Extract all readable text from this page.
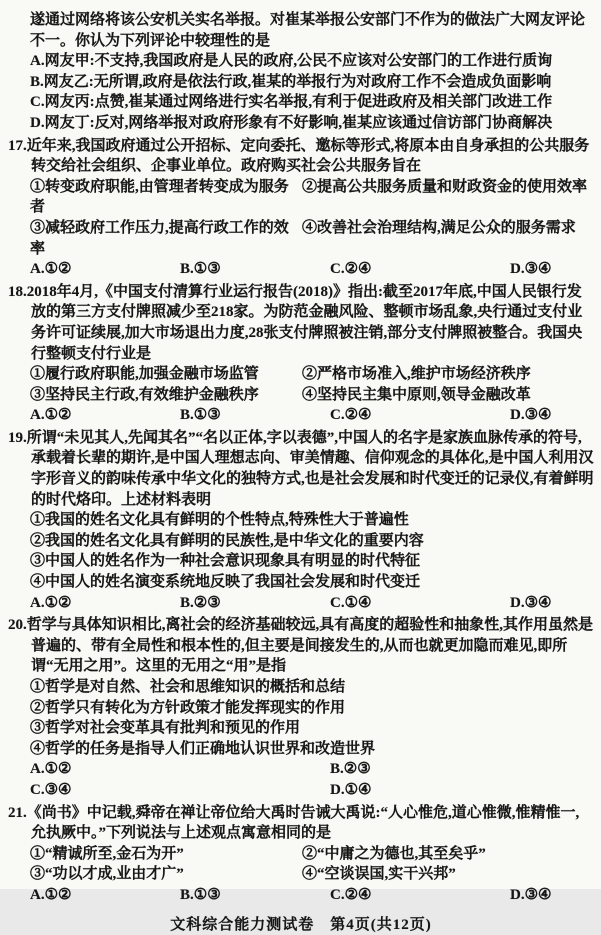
遂通过网络将该公安机关实名举报。对崔某举报公安部门不作为的做法广大网友评论不一。你认为下列评论中较理性的是

A.网友甲:不支持,我国政府是人民的政府,公民不应该对公安部门的工作进行质询
B.网友乙:无所谓,政府是依法行政,崔某的举报行为对政府工作不会造成负面影响
C.网友丙:点赞,崔某通过网络进行实名举报,有利于促进政府及相关部门改进工作
D.网友丁:反对,网络举报对政府形象有不好影响,崔某应该通过信访部门协商解决

17.近年来,我国政府通过公开招标、定向委托、邀标等形式,将原本由自身承担的公共服务转交给社会组织、企事业单位。政府购买社会公共服务旨在

①转变政府职能,由管理者转变成为服务者
②提高公共服务质量和财政资金的使用效率
③减轻政府工作压力,提高行政工作的效率
④改善社会治理结构,满足公众的服务需求
A.①②	B.①③	C.②④	D.③④

18.2018年4月,《中国支付清算行业运行报告(2018)》指出:截至2017年底,中国人民银行发放的第三方支付牌照减少至218家。为防范金融风险、整顿市场乱象,央行通过支付业务许可证续展,加大市场退出力度,28张支付牌照被注销,部分支付牌照被整合。我国央行整顿支付行业是

①履行政府职能,加强金融市场监管	②严格市场准入,维护市场经济秩序
③坚持民主行政,有效维护金融秩序	④坚持民主集中原则,领导金融改革
A.①②	B.①③	C.②④	D.③④

19.所谓“未见其人,先闻其名”“名以正体,字以表德”,中国人的名字是家族血脉传承的符号,承载着长辈的期许,是中国人理想志向、审美情趣、信仰观念的具体化,是中国人利用汉字形音义的韵味传承中华文化的独特方式,也是社会发展和时代变迁的记录仪,有着鲜明的时代烙印。上述材料表明

①我国的姓名文化具有鲜明的个性特点,特殊性大于普遍性
②我国的姓名文化具有鲜明的民族性,是中华文化的重要内容
③中国人的姓名作为一种社会意识现象具有明显的时代特征
④中国人的姓名演变系统地反映了我国社会发展和时代变迁
A.①②	B.②③	C.①④	D.③④

20.哲学与具体知识相比,离社会的经济基础较远,具有高度的超验性和抽象性,其作用虽然是普遍的、带有全局性和根本性的,但主要是间接发生的,从而也就更加隐而难见,即所谓“无用之用”。这里的无用之“用”是指

①哲学是对自然、社会和思维知识的概括和总结
②哲学只有转化为方针政策才能发挥现实的作用
③哲学对社会变革具有批判和预见的作用
④哲学的任务是指导人们正确地认识世界和改造世界
A.①②	B.②③
C.③④	D.①④

21.《尚书》中记载,舜帝在禅让帝位给大禹时告诫大禹说:“人心惟危,道心惟微,惟精惟一,允执厥中。”下列说法与上述观点寓意相同的是

①“精诚所至,金石为开”	②“中庸之为德也,其至矣乎”
③“功以才成,业由才广”	④“空谈误国,实干兴邦”
A.①②	B.①③	C.②④	D.③④
文科综合能力测试卷　第4页(共12页)
